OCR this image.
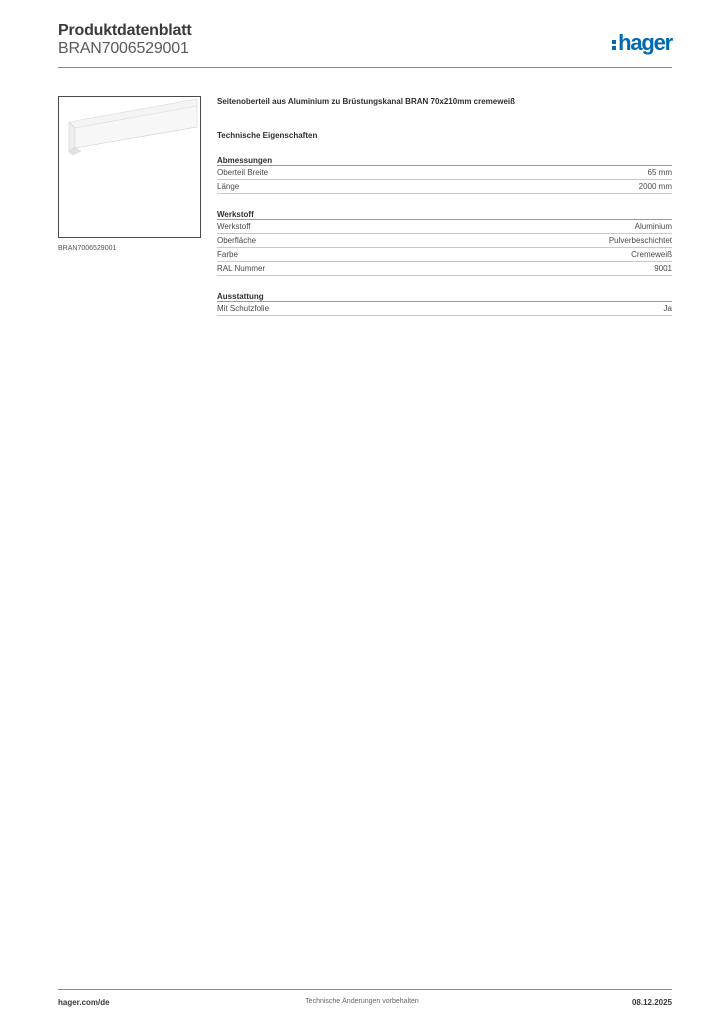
Produktdatenblatt
BRAN7006529001	hager
BRAN7006529001
Seitenoberteil aus Aluminium zu Brüstungskanal BRAN 70x210mm cremeweiß
Technische Eigenschaften
Abmessungen
Oberteil Breite	65 mm
Länge	2000 mm
Werkstoff
Werkstoff	Aluminium
Oberfläche	Pulverbeschichtet
Farbe	Cremeweiß
RAL Nummer	9001
Ausstattung
Mit Schutzfolie	Ja
hager.com/de	Technische Änderungen vorbehalten	08.12.2025
